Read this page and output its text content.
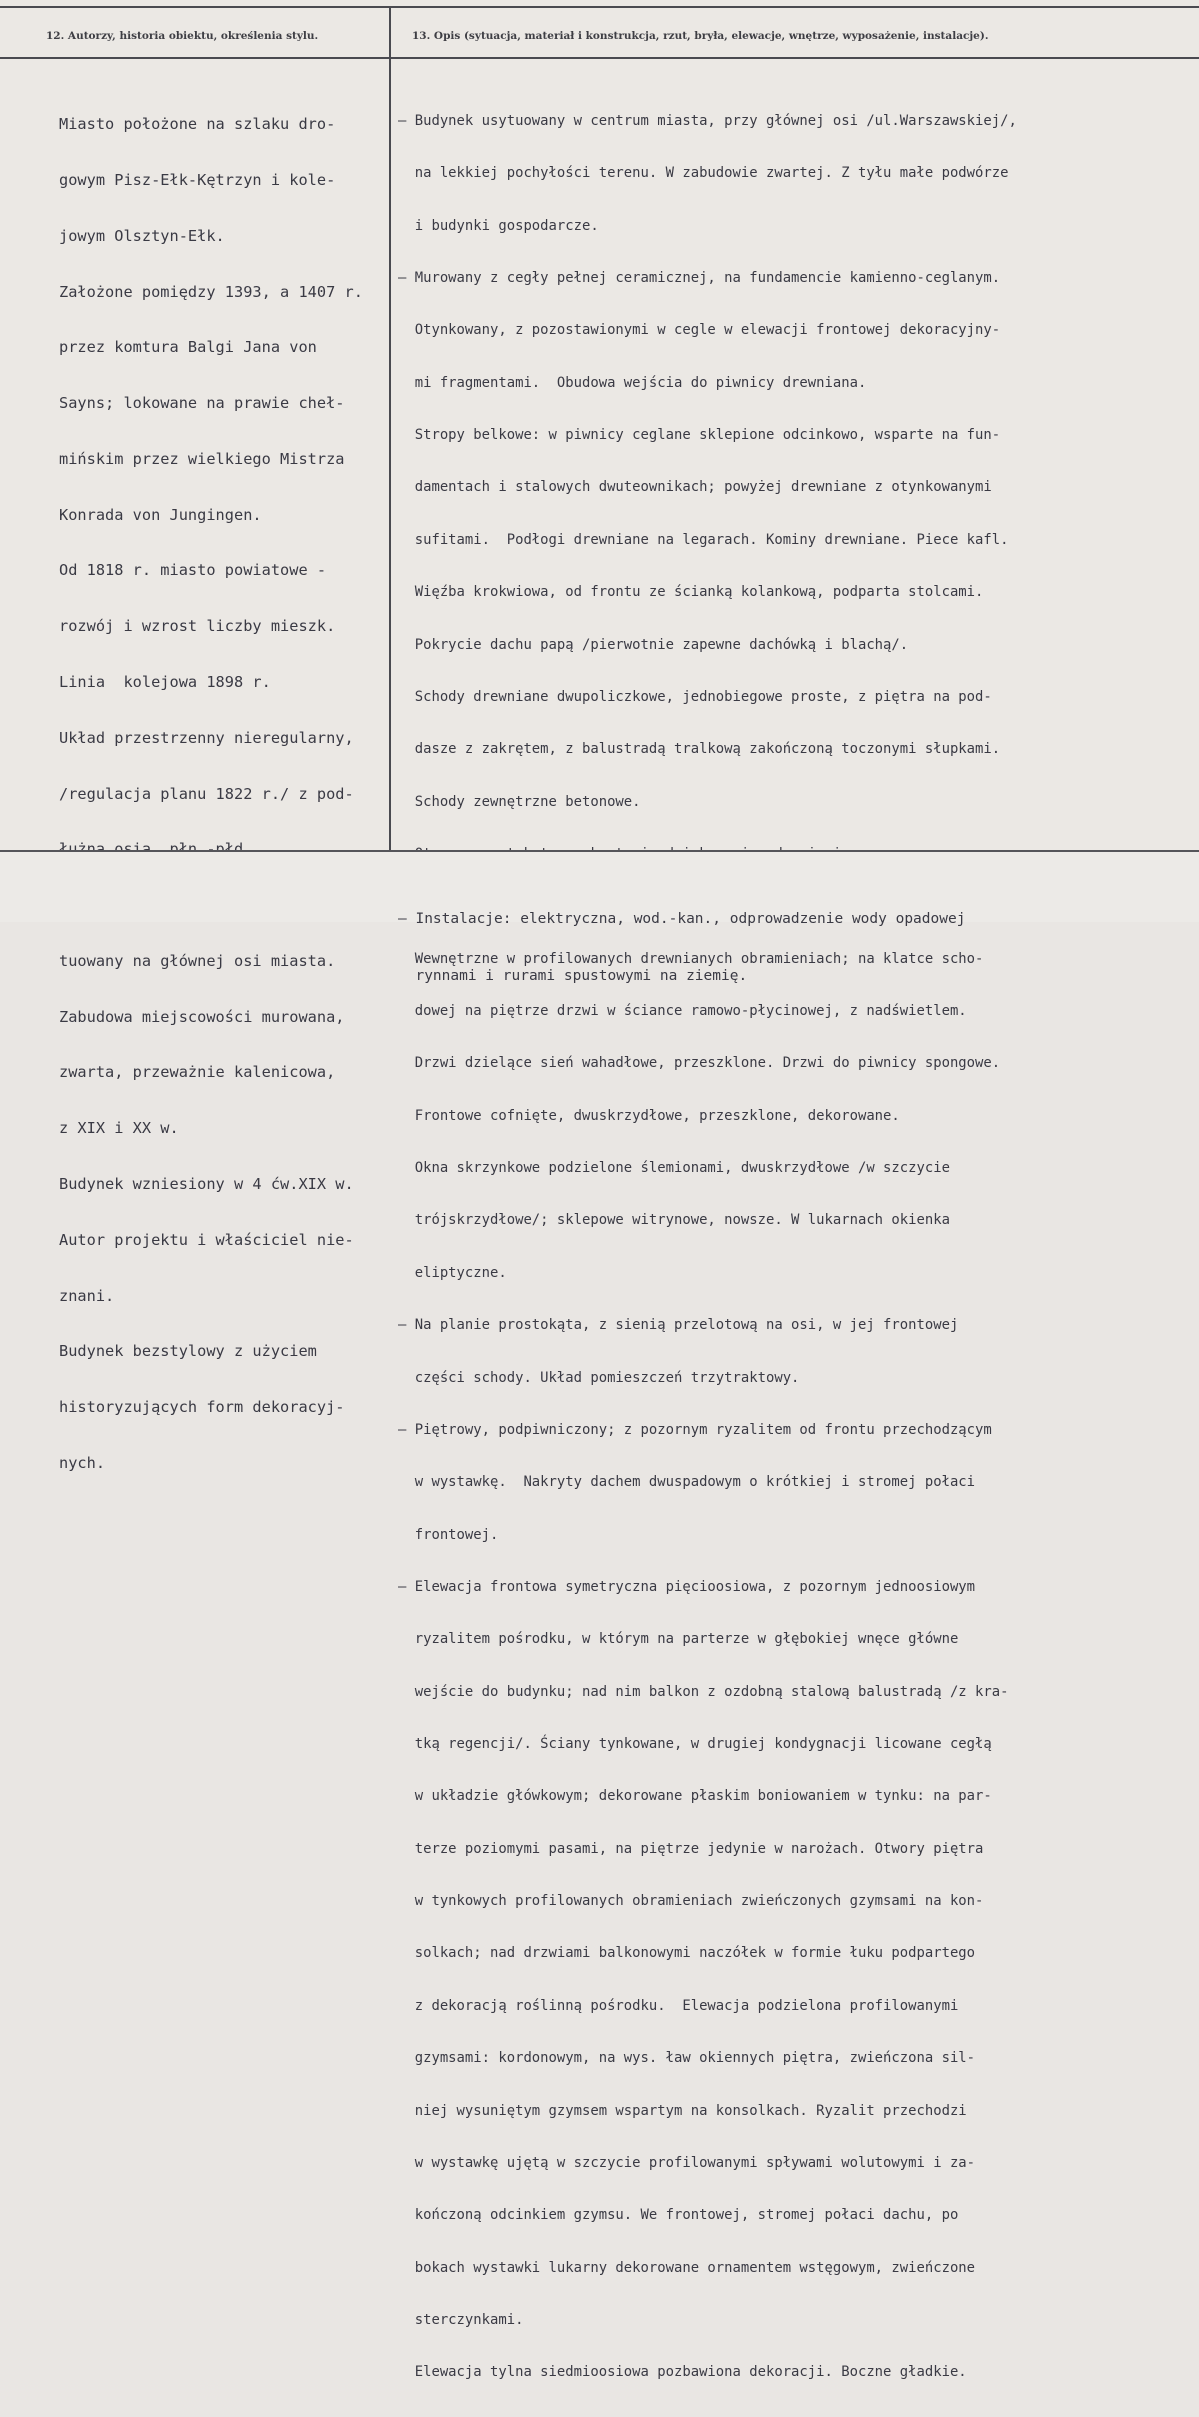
12. Autorzy, historia obiektu, określenia stylu.	13. Opis (sytuacja, materiał i konstrukcja, rzut, bryła, elewacje, wnętrze, wyposażenie, instalacje).

Miasto położone na szlaku dro-

gowym Pisz-Ełk-Kętrzyn i kole-

jowym Olsztyn-Ełk.

Założone pomiędzy 1393, a 1407 r.

przez komtura Balgi Jana von

Sayns; lokowane na prawie cheł-

mińskim przez wielkiego Mistrza

Konrada von Jungingen.

Od 1818 r. miasto powiatowe -

rozwój i wzrost liczby mieszk.

Linia  kolejowa 1898 r.

Układ przestrzenny nieregularny,

/regulacja planu 1822 r./ z pod-

tuowany na głównej osi miasta.

Zabudowa miejscowości murowana,

zwarta, przeważnie kalenicowa,

z XIX i XX w.

Budynek wzniesiony w 4 ćw.XIX w.

Autor projektu i właściciel nie-

znani.

Budynek bezstylowy z użyciem

historyzujących form dekoracyj-

nych.

— Budynek usytuowany w centrum miasta, przy głównej osi /ul.Warszawskiej/,

na lekkiej pochyłości terenu. W zabudowie zwartej. Z tyłu małe podwórze

i budynki gospodarcze.

— Murowany z cegły pełnej ceramicznej, na fundamencie kamienno-ceglanym.

Otynkowany, z pozostawionymi w cegle w elewacji frontowej dekoracyjny-

mi fragmentami.  Obudowa wejścia do piwnicy drewniana.

Stropy belkowe: w piwnicy ceglane sklepione odcinkowo, wsparte na fun-

damentach i stalowych dwuteownikach; powyżej drewniane z otynkowanymi

sufitami.  Podłogi drewniane na legarach. Kominy drewniane. Piece kafl.

Więźba krokwiowa, od frontu ze ścianką kolankową, podparta stolcami.

Pokrycie dachu papą /pierwotnie zapewne dachówką i blachą/.

Schody drewniane dwupoliczkowe, jednobiegowe proste, z piętra na pod-

dasze z zakrętem, z balustradą tralkową zakończoną toczonymi słupkami.

Schody zewnętrzne betonowe.

Wewnętrzne w profilowanych drewnianych obramieniach; na klatce scho-

dowej na piętrze drzwi w ściance ramowo-płycinowej, z nadświetlem.

Drzwi dzielące sień wahadłowe, przeszklone. Drzwi do piwnicy spongowe.

Frontowe cofnięte, dwuskrzydłowe, przeszklone, dekorowane.

Okna skrzynkowe podzielone ślemionami, dwuskrzydłowe /w szczycie

trójskrzydłowe/; sklepowe witrynowe, nowsze. W lukarnach okienka

eliptyczne.

— Na planie prostokąta, z sienią przelotową na osi, w jej frontowej

części schody. Układ pomieszczeń trzytraktowy.

— Piętrowy, podpiwniczony; z pozornym ryzalitem od frontu przechodzącym

w wystawkę.  Nakryty dachem dwuspadowym o krótkiej i stromej połaci

frontowej.

— Elewacja frontowa symetryczna pięcioosiowa, z pozornym jednoosiowym

ryzalitem pośrodku, w którym na parterze w głębokiej wnęce główne

wejście do budynku; nad nim balkon z ozdobną stalową balustradą /z kra-

tką regencji/. Ściany tynkowane, w drugiej kondygnacji licowane cegłą

w układzie główkowym; dekorowane płaskim boniowaniem w tynku: na par-

terze poziomymi pasami, na piętrze jedynie w narożach. Otwory piętra

w tynkowych profilowanych obramieniach zwieńczonych gzymsami na kon-

solkach; nad drzwiami balkonowymi naczółek w formie łuku podpartego

z dekoracją roślinną pośrodku.  Elewacja podzielona profilowanymi

gzymsami: kordonowym, na wys. ław okiennych piętra, zwieńczona sil-

niej wysuniętym gzymsem wspartym na konsolkach. Ryzalit przechodzi

w wystawkę ujętą w szczycie profilowanymi spływami wolutowymi i za-

kończoną odcinkiem gzymsu. We frontowej, stromej połaci dachu, po

bokach wystawki lukarny dekorowane ornamentem wstęgowym, zwieńczone

sterczynkami.

Elewacja tylna siedmioosiowa pozbawiona dekoracji. Boczne gładkie.

— Instalacje: elektryczna, wod.-kan., odprowadzenie wody opadowej

rynnami i rurami spustowymi na ziemię.
